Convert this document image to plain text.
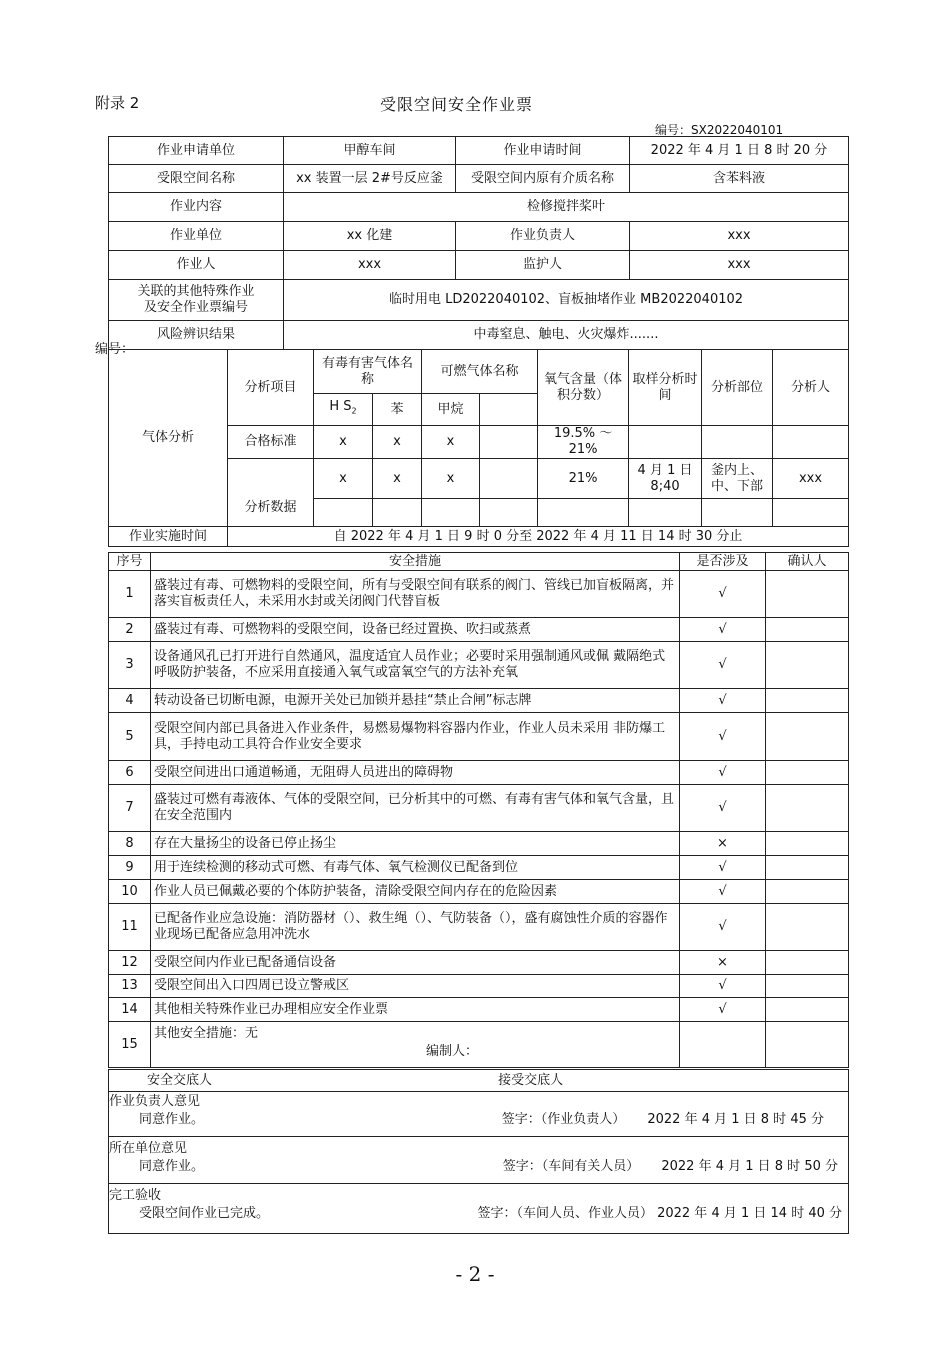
附录 2	受限空间安全作业票
编号：SX2022040101
作业申请单位	甲醇车间	作业申请时间	2022 年 4 月 1 日 8 时 20 分
受限空间名称	xx 装置一层 2#号反应釜	受限空间内原有介质名称	含苯料液
作业内容	检修搅拌桨叶		
作业单位	xx 化建	作业负责人	xxx
作业人	xxx	监护人	xxx

关联的其他特殊作业
及安全作业票编号	临时用电 LD2022040102、盲板抽堵作业 MB2022040102		
风险辨识结果	中毒窒息、触电、火灾爆炸.......		
编号：
气体分析	分析项目	有毒有害气体名称		可燃气体名称		氧气含量（体积分数）	取样分析时间	分析部位	分析人
		H $S_2$	苯	甲烷					
	合格标准	x	x	x		19.5% ～21%			
	分析数据	x	x	x		21%	4 月 1 日 8;40	釜内上、中、下部	xxx

作业实施时间	自 2022 年 4 月 1 日 9 时 0 分至 2022 年 4 月 11 日 14 时 30 分止								
序号	安全措施	是否涉及	确认人
1	盛装过有毒、可燃物料的受限空间，所有与受限空间有联系的阀门、管线已加盲板隔离，并落实盲板责任人，未采用水封或关闭阀门代替盲板	√	
2	盛装过有毒、可燃物料的受限空间，设备已经过置换、吹扫或蒸煮	√	
3	设备通风孔已打开进行自然通风，温度适宜人员作业；必要时采用强制通风或佩 戴隔绝式呼吸防护装备，不应采用直接通入氧气或富氧空气的方法补充氧	√	
4	转动设备已切断电源，电源开关处已加锁并悬挂“禁止合闸”标志牌	√	
5	受限空间内部已具备进入作业条件，易燃易爆物料容器内作业，作业人员未采用 非防爆工具，手持电动工具符合作业安全要求	√	
6	受限空间进出口通道畅通，无阻碍人员进出的障碍物	√	
7	盛装过可燃有毒液体、气体的受限空间，已分析其中的可燃、有毒有害气体和氧气含量，且在安全范围内	√	
8	存在大量扬尘的设备已停止扬尘	×	
9	用于连续检测的移动式可燃、有毒气体、氧气检测仪已配备到位	√	
10	作业人员已佩戴必要的个体防护装备，清除受限空间内存在的危险因素	√	
11	已配备作业应急设施：消防器材（）、救生绳（）、气防装备（），盛有腐蚀性介质的容器作业现场已配备应急用冲洗水	√	
12	受限空间内作业已配备通信设备	×	
13	受限空间出入口四周已设立警戒区	√	
14	其他相关特殊作业已办理相应安全作业票	√	
15	其他安全措施：无
编制人：		

安全交底人	接受交底人

作业负责人意见
同意作业。	签字：（作业负责人） 2022 年 4 月 1 日 8 时 45 分

所在单位意见
同意作业。	签字：（车间有关人员） 2022 年 4 月 1 日 8 时 50 分

完工验收
受限空间作业已完成。	签字：（车间人员、作业人员） 2022 年 4 月 1 日 14 时 40 分
- 2 -
